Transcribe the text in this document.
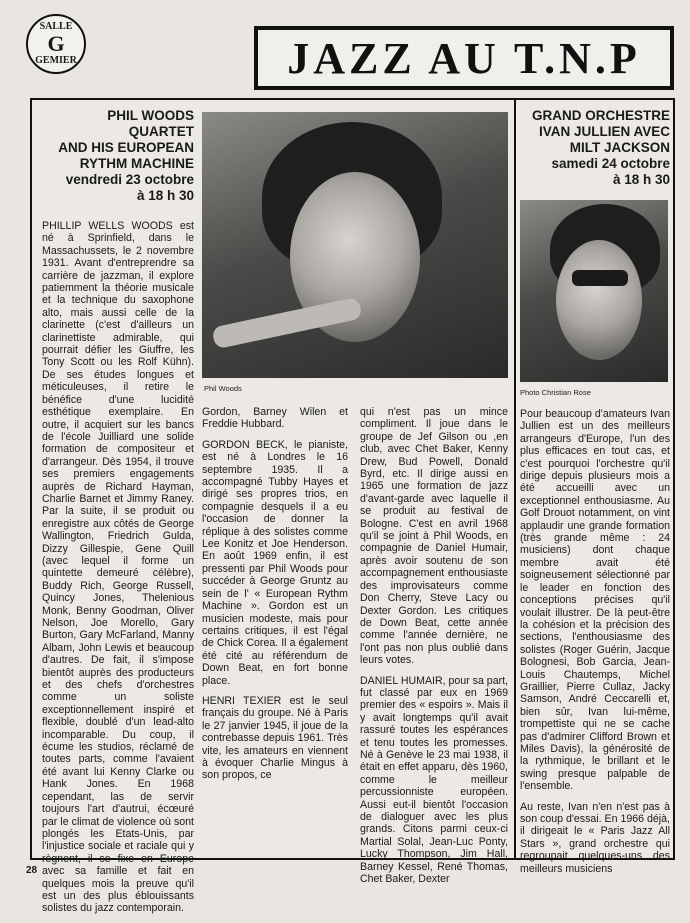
SALLE
G
GEMIER	JAZZ AU T.N.P
PHIL WOODS
QUARTET
AND HIS EUROPEAN
RYTHM MACHINE
vendredi 23 octobre
à 18 h 30

PHILLIP WELLS WOODS est né à Sprinfield, dans le Massachussets, le 2 novembre 1931. Avant d'entreprendre sa carrière de jazzman, il explore patiemment la théorie musicale et la technique du saxophone alto, mais aussi celle de la clarinette (c'est d'ailleurs un clarinettiste admirable, qui pourrait défier les Giuffre, les Tony Scott ou les Rolf Kühn). De ses études longues et méticuleuses, il retire le bénéfice d'une lucidité esthétique exemplaire. En outre, il acquiert sur les bancs de l'école Juilliard une solide formation de compositeur et d'arrangeur. Dès 1954, il trouve ses premiers engagements auprès de Richard Hayman, Charlie Barnet et Jimmy Raney. Par la suite, il se produit ou enregistre aux côtés de George Wallington, Friedrich Gulda, Dizzy Gillespie, Gene Quill (avec lequel il forme un quintette demeuré célèbre), Buddy Rich, George Russell, Quincy Jones, Thelenious Monk, Benny Goodman, Oliver Nelson, Joe Morello, Gary Burton, Gary McFarland, Manny Albam, John Lewis et beaucoup d'autres. De fait, il s'impose bientôt auprès des producteurs et des chefs d'orchestres comme un soliste exceptionnellement inspiré et flexible, doublé d'un lead-alto incomparable. Du coup, il écume les studios, réclamé de toutes parts, comme l'avaient été avant lui Kenny Clarke ou Hank Jones. En 1968 cependant, las de servir toujours l'art d'autrui, écœuré par le climat de violence où sont plongés les Etats-Unis, par l'injustice sociale et raciale qui y règnent, il se fixe en Europe avec sa famille et fait en quelques mois la preuve qu'il est un des plus éblouissants solistes du jazz contemporain.

Phil Woods

Gordon, Barney Wilen et Freddie Hubbard.

GORDON BECK, le pianiste, est né à Londres le 16 septembre 1935. Il a accompagné Tubby Hayes et dirigé ses propres trios, en compagnie desquels il a eu l'occasion de donner la réplique à des solistes comme Lee Konitz et Joe Henderson. En août 1969 enfin, il est pressenti par Phil Woods pour succéder à George Gruntz au sein de l' « European Rythm Machine ». Gordon est un musicien modeste, mais pour certains critiques, il est l'égal de Chick Corea. Il a également été cité au référendum de Down Beat, en fort bonne place.

HENRI TEXIER est le seul français du groupe. Né à Paris le 27 janvier 1945, il joue de la contrebasse depuis 1961. Très vite, les amateurs en viennent à évoquer Charlie Mingus à son propos, ce

qui n'est pas un mince compliment. Il joue dans le groupe de Jef Gilson ou ,en club, avec Chet Baker, Kenny Drew, Bud Powell, Donald Byrd, etc. Il dirige aussi en 1965 une formation de jazz d'avant-garde avec laquelle il se produit au festival de Bologne. C'est en avril 1968 qu'il se joint à Phil Woods, en compagnie de Daniel Humair, après avoir soutenu de son accompagnement enthousiaste des improvisateurs comme Don Cherry, Steve Lacy ou Dexter Gordon. Les critiques de Down Beat, cette année comme l'année dernière, ne l'ont pas non plus oublié dans leurs votes.

DANIEL HUMAIR, pour sa part, fut classé par eux en 1969 premier des « espoirs ». Mais il y avait longtemps qu'il avait rassuré toutes les espérances et tenu toutes les promesses. Né à Genève le 23 mai 1938, il était en effet apparu, dès 1960, comme le meilleur percussionniste européen. Aussi eut-il bientôt l'occasion de dialoguer avec les plus grands. Citons parmi ceux-ci Martial Solal, Jean-Luc Ponty, Lucky Thompson, Jim Hall, Barney Kessel, René Thomas, Chet Baker, Dexter

GRAND ORCHESTRE
IVAN JULLIEN AVEC
MILT JACKSON
samedi 24 octobre
à 18 h 30
Photo Christian Rose

Pour beaucoup d'amateurs Ivan Jullien est un des meilleurs arrangeurs d'Europe, l'un des plus efficaces en tout cas, et c'est pourquoi l'orchestre qu'il dirige depuis plusieurs mois a été accueilli avec un exceptionnel enthousiasme. Au Golf Drouot notamment, on vint applaudir une grande formation (très grande même : 24 musiciens) dont chaque membre avait été soigneusement sélectionné par le leader en fonction des conceptions précises qu'il voulait illustrer. De là peut-être la cohésion et la précision des sections, l'enthousiasme des solistes (Roger Guérin, Jacque Bolognesi, Bob Garcia, Jean-Louis Chautemps, Michel Graillier, Pierre Cullaz, Jacky Samson, André Ceccarelli et, bien sûr, Ivan lui-même, trompettiste qui ne se cache pas d'admirer Clifford Brown et Miles Davis), la générosité de la rythmique, le brillant et le swing presque palpable de l'ensemble.

Au reste, Ivan n'en n'est pas à son coup d'essai. En 1966 déjà, il dirigeait le « Paris Jazz All Stars », grand orchestre qui regroupait quelques-uns des meilleurs musiciens

28
